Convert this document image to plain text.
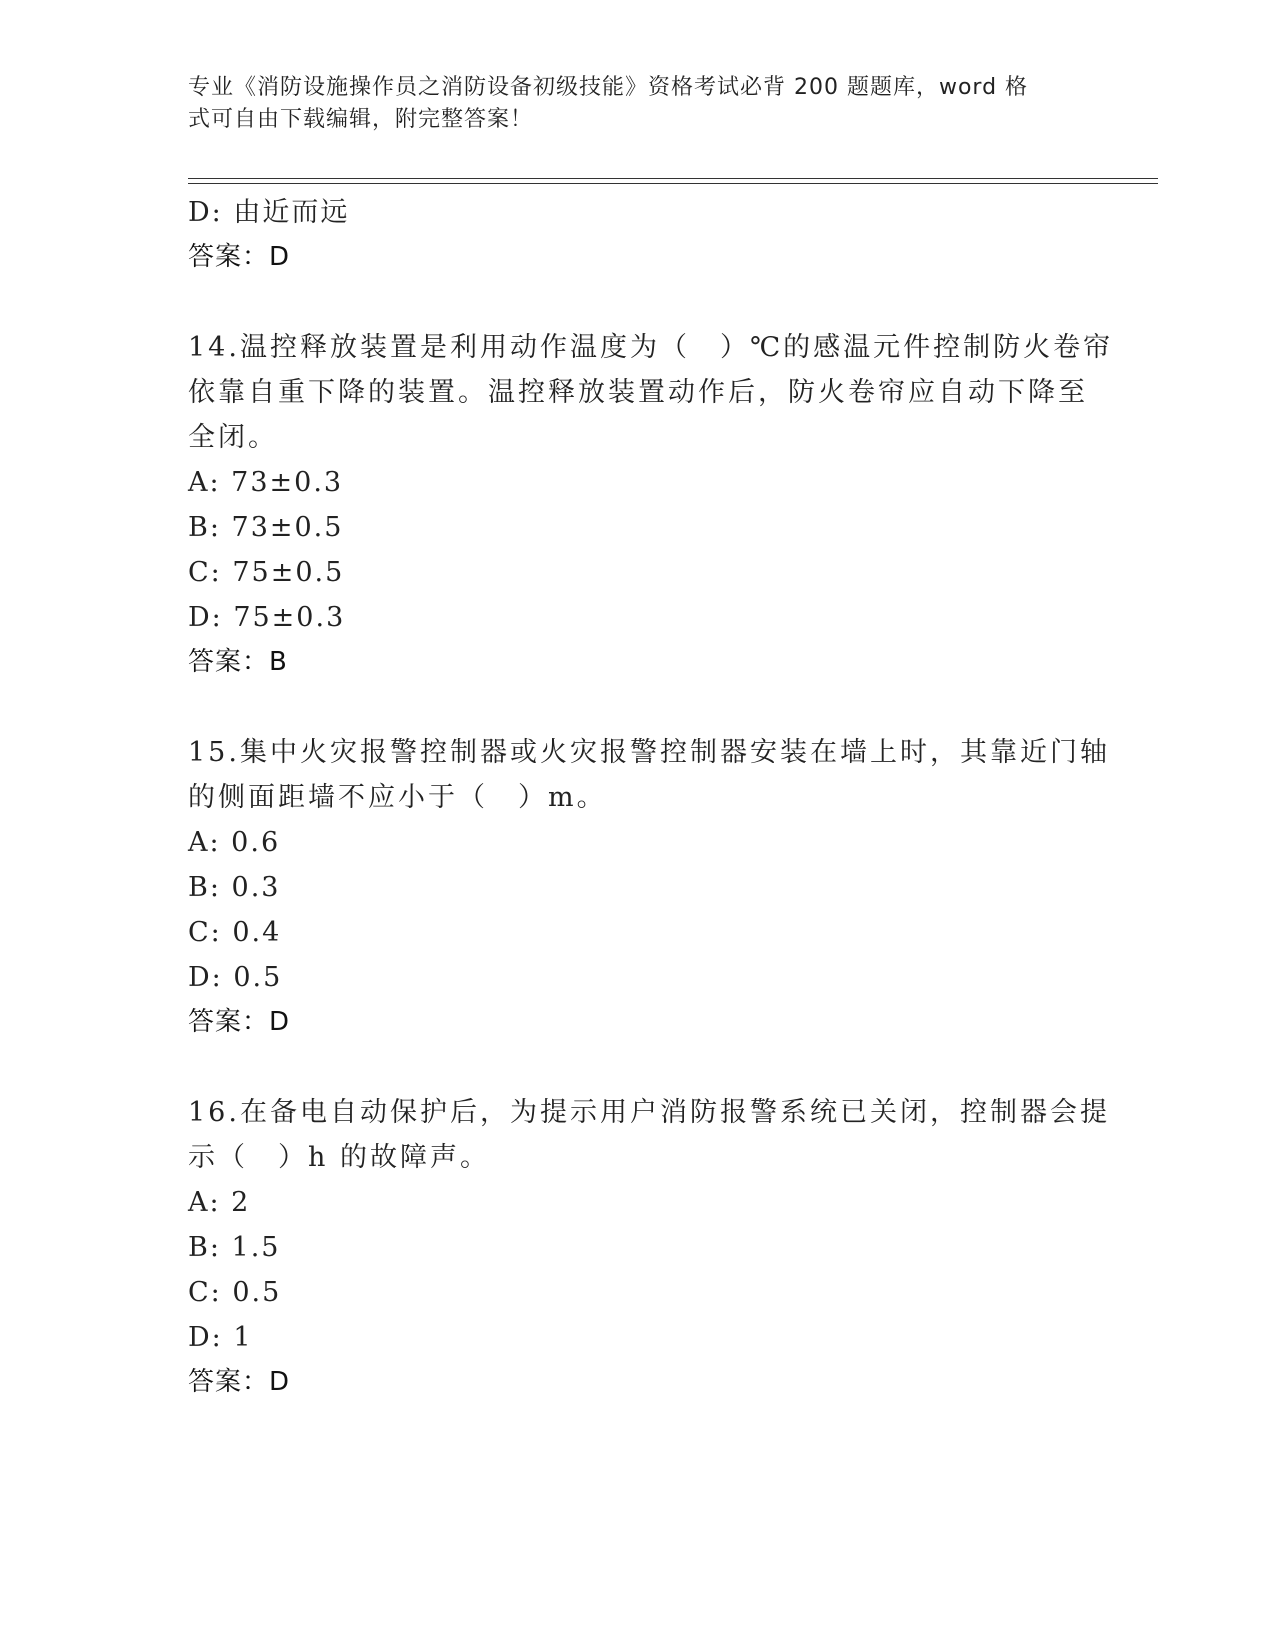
专业《消防设施操作员之消防设备初级技能》资格考试必背 200 题题库，word 格
式可自由下载编辑，附完整答案！
D: 由近而远
答案：D
14.温控释放装置是利用动作温度为（　）℃的感温元件控制防火卷帘
依靠自重下降的装置。温控释放装置动作后，防火卷帘应自动下降至
全闭。
A: 73±0.3
B: 73±0.5
C: 75±0.5
D: 75±0.3
答案：B
15.集中火灾报警控制器或火灾报警控制器安装在墙上时，其靠近门轴
的侧面距墙不应小于（　）m。
A: 0.6
B: 0.3
C: 0.4
D: 0.5
答案：D
16.在备电自动保护后，为提示用户消防报警系统已关闭，控制器会提
示（　）h 的故障声。
A: 2
B: 1.5
C: 0.5
D: 1
答案：D
